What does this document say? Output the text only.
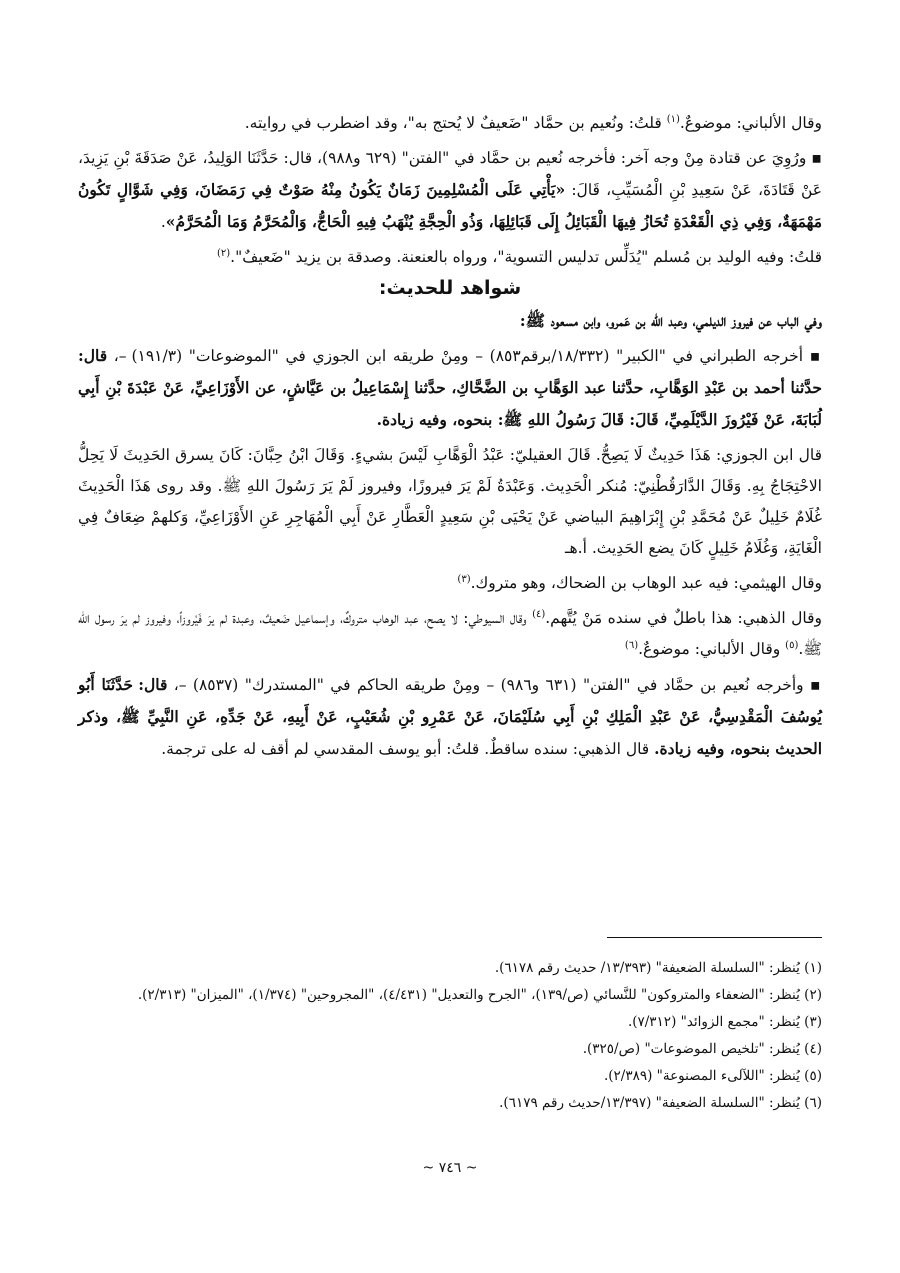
وقال الألباني: موضوعٌ.$^{(١)}$ قلتُ: ونُعيم بن حمَّاد "ضَعيفٌ لا يُحتج به"، وقد اضطرب في روايته.

▪ ورُوِيَ عن قتادة مِنْ وجه آخر: فأخرجه نُعيم بن حمَّاد في "الفتن" (٦٢٩ و٩٨٨)، قال: حَدَّثَنَا الوَلِيدُ، عَنْ صَدَقَةَ بْنِ يَزِيدَ، عَنْ قَتَادَةَ، عَنْ سَعِيدِ بْنِ الْمُسَيِّبِ، قَالَ: «يَأْتِي عَلَى الْمُسْلِمِينَ زَمَانٌ يَكُونُ مِنْهُ صَوْتٌ فِي رَمَضَانَ، وَفِي شَوَّالٍ تَكُونُ مَهْمَهَةٌ، وَفِي ذِي الْقَعْدَةِ تُحَازُ فِيهَا الْقَبَائِلُ إِلَى قَبَائِلِهَا، وَذُو الْحِجَّةِ يُنْهَبُ فِيهِ الْحَاجُّ، وَالْمُحَرَّمُ وَمَا الْمُحَرَّمُ».

قلتُ: وفيه الوليد بن مُسلم "يُدَلِّس تدليس التسوية"، ورواه بالعنعنة. وصدقة بن يزيد "ضَعيفٌ".$^{(٢)}$

شواهد للحديث:
وفي الباب عن فيروز الديلمي، وعبد الله بن عَمرو، وابن مسعود ﷺ:

▪ أخرجه الطبراني في "الكبير" (١٨/٣٣٢/برقم٨٥٣) – ومِنْ طريقه ابن الجوزي في "الموضوعات" (١٩١/٣) –، قال: حدَّثنا أحمد بن عَبْدِ الوَهَّابِ، حدَّثنا عبد الوَهَّابِ بن الضَّحَّاكِ، حدَّثنا إِسْمَاعِيلُ بن عَيَّاشٍ، عن الأَوْزَاعِيِّ، عَنْ عَبْدَةَ بْنِ أَبِي لُبَابَةَ، عَنْ فَيْرُوزَ الدَّيْلَمِيِّ، قَالَ: قَالَ رَسُولُ اللهِ ﷺ: بنحوه، وفيه زيادة.

قال ابن الجوزي: هَذَا حَدِيثٌ لَا يَصِحُّ. قَالَ العقيليّ: عَبْدُ الْوَهَّابِ لَيْسَ بشيءٍ. وَقَالَ ابْنُ حِبَّانَ: كَانَ يسرق الحَدِيثَ لَا يَحِلُّ الاحْتِجَاجُ بِهِ. وَقَالَ الدَّارَقُطْنِيّ: مُنكر الْحَدِيث. وَعَبْدَةُ لَمْ يَرَ فيروزًا، وفيروز لَمْ يَرَ رَسُولَ اللهِ ﷺ. وقد روى هَذَا الْحَدِيثَ غُلَامٌ خَلِيلٌ عَنْ مُحَمَّدِ بْنِ إِبْرَاهِيمَ البياضي عَنْ يَحْيَى بْنِ سَعِيدٍ الْعَطَّارِ عَنْ أَبِي الْمُهَاجِرِ عَنِ الأَوْزَاعِيِّ، وَكلهمْ ضِعَافٌ فِي الْغَايَةِ، وَغُلَامُ خَلِيلٍ كَانَ يضع الحَدِيث. أ.هـ

وقال الهيثمي: فيه عبد الوهاب بن الضحاك، وهو متروك.$^{(٣)}$

وقال الذهبي: هذا باطلٌ في سنده مَنْ يُتَّهم.$^{(٤)}$ وقال السيوطي: لا يصح، عبد الوهاب متروكٌ، وإسماعيل ضَعيفٌ، وعبدة لم يرَ فَيْروزاً، وفيروز لم يرَ رسول الله ﷺ.$^{(٥)}$ وقال الألباني: موضوعٌ.$^{(٦)}$

▪ وأخرجه نُعيم بن حمَّاد في "الفتن" (٦٣١ و٩٨٦) – ومِنْ طريقه الحاكم في "المستدرك" (٨٥٣٧) –، قال: حَدَّثَنَا أَبُو يُوسُفَ الْمَقْدِسِيُّ، عَنْ عَبْدِ الْمَلِكِ بْنِ أَبِي سُلَيْمَانَ، عَنْ عَمْرِو بْنِ شُعَيْبٍ، عَنْ أَبِيهِ، عَنْ جَدِّهِ، عَنِ النَّبِيِّ ﷺ، وذكر الحديث بنحوه، وفيه زيادة. قال الذهبي: سنده ساقطٌ. قلتُ: أبو يوسف المقدسي لم أقف له على ترجمة.

(١) يُنظر: "السلسلة الضعيفة" (١٣/٣٩٣/ حديث رقم ٦١٧٨).

(٢) يُنظر: "الضعفاء والمتروكون" للنَّسائي (ص/١٣٩)، "الجرح والتعديل" (٤/٤٣١)، "المجروحين" (١/٣٧٤)، "الميزان" (٢/٣١٣).

(٣) يُنظر: "مجمع الزوائد" (٧/٣١٢).

(٤) يُنظر: "تلخيص الموضوعات" (ص/٣٢٥).

(٥) يُنظر: "اللآلىء المصنوعة" (٢/٣٨٩).

(٦) يُنظر: "السلسلة الضعيفة" (١٣/٣٩٧/حديث رقم ٦١٧٩).

~ ٧٤٦ ~
